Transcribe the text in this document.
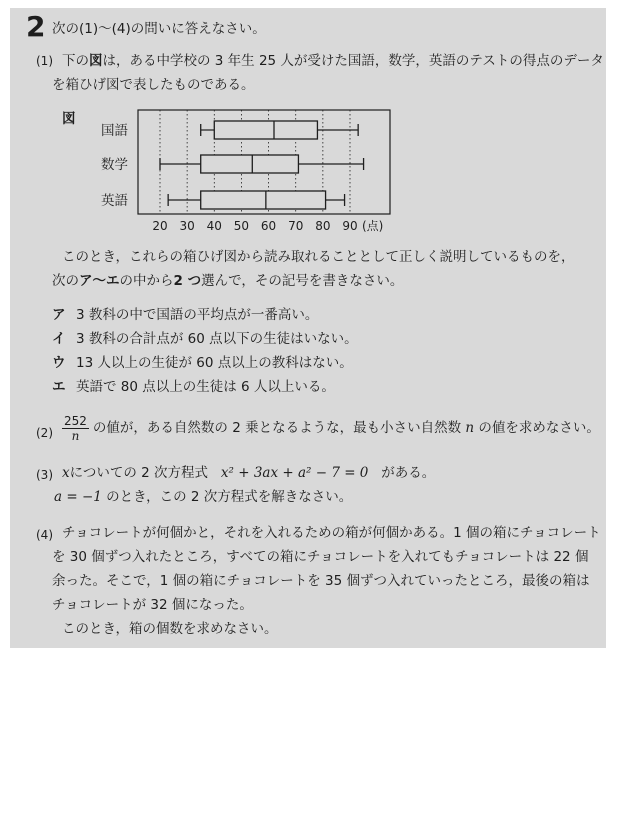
2 次の(1)～(4)の問いに答えなさい。
(1) 下の図は，ある中学校の 3 年生 25 人が受けた国語，数学，英語のテストの得点のデータ
を箱ひげ図で表したものである。
図
20 30 40 50 60 70 80 90 (点)
国語
数学
英語
このとき，これらの箱ひげ図から読み取れることとして正しく説明しているものを，
次のア～エの中から2 つ選んで，その記号を書きなさい。
ア 3 教科の中で国語の平均点が一番高い。
イ 3 教科の合計点が 60 点以下の生徒はいない。
ウ 13 人以上の生徒が 60 点以上の教科はない。
エ 英語で 80 点以上の生徒は 6 人以上いる。
$(2) \frac{252}{n}$ の値が，ある自然数の 2 乗となるような，最も小さい自然数
n
の値を求めなさい。
(3) xについての 2 次方程式 x² + 3ax + a² − 7 = 0 がある。
a = −1 のとき，この 2 次方程式を解きなさい。
(4) チョコレートが何個かと，それを入れるための箱が何個かある。1 個の箱にチョコレート
を 30 個ずつ入れたところ，すべての箱にチョコレートを入れてもチョコレートは 22 個
余った。そこで，1 個の箱にチョコレートを 35 個ずつ入れていったところ，最後の箱は
チョコレートが 32 個になった。
このとき，箱の個数を求めなさい。
